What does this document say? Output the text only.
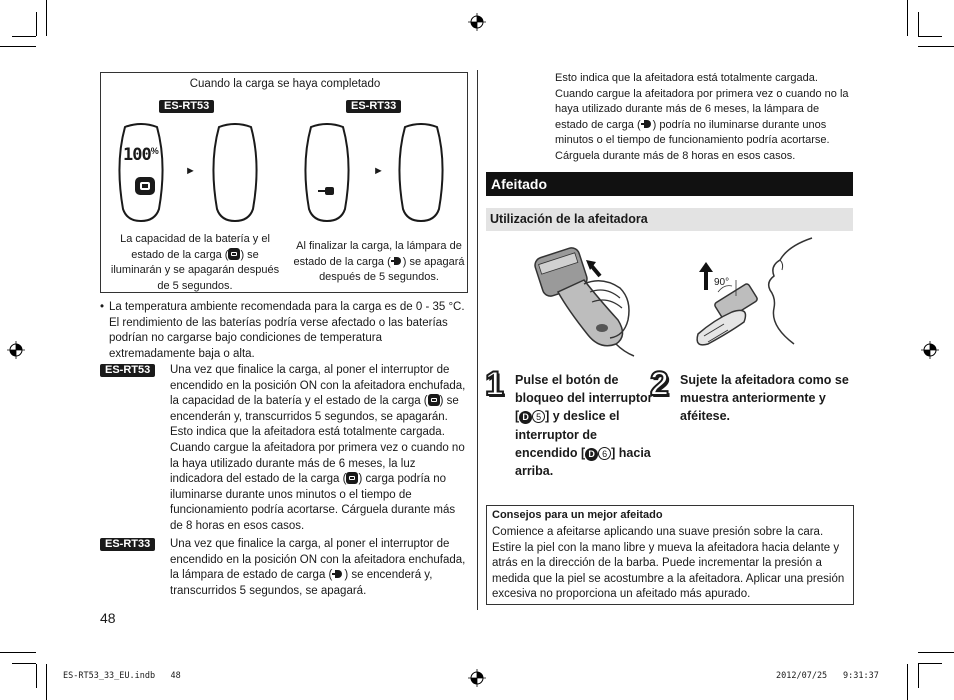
Cuando la carga se haya completado
ES-RT53	ES-RT33
100%
►	►
La capacidad de la batería y el estado de la carga ( ) se iluminarán y se apagarán después de 5 segundos.
Al finalizar la carga, la lámpara de estado de la carga ( ) se apagará después de 5 segundos.
• La temperatura ambiente recomendada para la carga es de 0 - 35 °C. El rendimiento de las baterías podría verse afectado o las baterías podrían no cargarse bajo condiciones de temperatura extremadamente baja o alta.
ES-RT53	Una vez que finalice la carga, al poner el interruptor de encendido en la posición ON con la afeitadora enchufada, la capacidad de la batería y el estado de la carga ( ) se encenderán y, transcurridos 5 segundos, se apagarán. Esto indica que la afeitadora está totalmente cargada. Cuando cargue la afeitadora por primera vez o cuando no la haya utilizado durante más de 6 meses, la luz indicadora del estado de la carga ( ) carga podría no iluminarse durante unos minutos o el tiempo de funcionamiento podría acortarse. Cárguela durante más de 8 horas en esos casos.
ES-RT33	Una vez que finalice la carga, al poner el interruptor de encendido en la posición ON con la afeitadora enchufada, la lámpara de estado de carga ( ) se encenderá y, transcurridos 5 segundos, se apagará.
48
Esto indica que la afeitadora está totalmente cargada. Cuando cargue la afeitadora por primera vez o cuando no la haya utilizado durante más de 6 meses, la lámpara de estado de carga ( ) podría no iluminarse durante unos minutos o el tiempo de funcionamiento podría acortarse. Cárguela durante más de 8 horas en esos casos.
Afeitado
Utilización de la afeitadora
90°
1 Pulse el botón de bloqueo del interruptor [ D 5 ] y deslice el interruptor de encendido [ D 6 ] hacia arriba.
2 Sujete la afeitadora como se muestra anteriormente y aféitese.
Consejos para un mejor afeitado
Comience a afeitarse aplicando una suave presión sobre la cara. Estire la piel con la mano libre y mueva la afeitadora hacia delante y atrás en la dirección de la barba. Puede incrementar la presión a medida que la piel se acostumbre a la afeitadora. Aplicar una presión excesiva no proporciona un afeitado más apurado.
ES-RT53_33_EU.indb   48	2012/07/25 9:31:37
